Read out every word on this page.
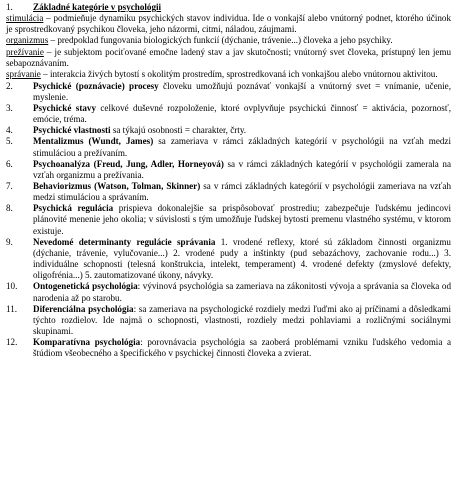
1.	Základné kategórie v psychológii
stimulácia – podmieňuje dynamiku psychických stavov individua. Ide o vonkajší alebo vnútorný podnet, ktorého účinok je sprostredkovaný psychikou človeka, jeho názormi, citmi, náladou, záujmami.
organizmus – predpoklad fungovania biologických funkcií (dýchanie, trávenie...) človeka a jeho psychiky.
prežívanie – je subjektom pociťované emočne ladený stav a jav skutočnosti; vnútorný svet človeka, prístupný len jemu sebapoznávaním.
správanie – interakcia živých bytostí s okolitým prostredím, sprostredkovaná ich vonkajšou alebo vnútornou aktivitou.
2.	Psychické (poznávacie) procesy človeku umožňujú poznávať vonkajší a vnútorný svet = vnímanie, učenie, myslenie.
3.	Psychické stavy celkové duševné rozpoloženie, ktoré ovplyvňuje psychickú činnosť = aktivácia, pozornosť, emócie, tréma.
4.	Psychické vlastnosti sa týkajú osobnosti = charakter, črty.
5.	Mentalizmus (Wundt, James) sa zameriava v rámci základných kategórií v psychológii na vzťah medzi stimuláciou a prežívaním.
6.	Psychoanalýza (Freud, Jung, Adler, Horneyová) sa v rámci základných kategórií v psychológii zamerala na vzťah organizmu a prežívania.
7.	Behaviorizmus (Watson, Tolman, Skinner) sa v rámci základných kategórií v psychológii zameriava na vzťah medzi stimuláciou a správaním.
8.	Psychická regulácia prispieva dokonalejšie sa prispôsobovať prostrediu; zabezpečuje ľudskému jedincovi plánovité menenie jeho okolia; v súvislosti s tým umožňuje ľudskej bytosti premenu vlastného systému, v ktorom existuje.
9.	Nevedomé determinanty regulácie správania 1. vrodené reflexy, ktoré sú základom činnosti organizmu (dýchanie, trávenie, vylučovanie...) 2. vrodené pudy a inštinkty (pud sebazáchovy, zachovanie rodu...) 3. individuálne schopnosti (telesná konštrukcia, intelekt, temperament) 4. vrodené defekty (zmyslové defekty, oligofrénia...) 5. zautomatizované úkony, návyky.
10.	Ontogenetická psychológia: vývinová psychológia sa zameriava na zákonitosti vývoja a správania sa človeka od narodenia až po starobu.
11.	Diferenciálna psychológia: sa zameriava na psychologické rozdiely medzi ľuďmi ako aj príčinami a dôsledkami týchto rozdielov. Ide najmä o schopnosti, vlastnosti, rozdiely medzi pohlaviami a rozličnými sociálnymi skupinami.
12.	Komparatívna psychológia: porovnávacia psychológia sa zaoberá problémami vzniku ľudského vedomia a štúdiom všeobecného a špecifického v psychickej činnosti človeka a zvierat.
